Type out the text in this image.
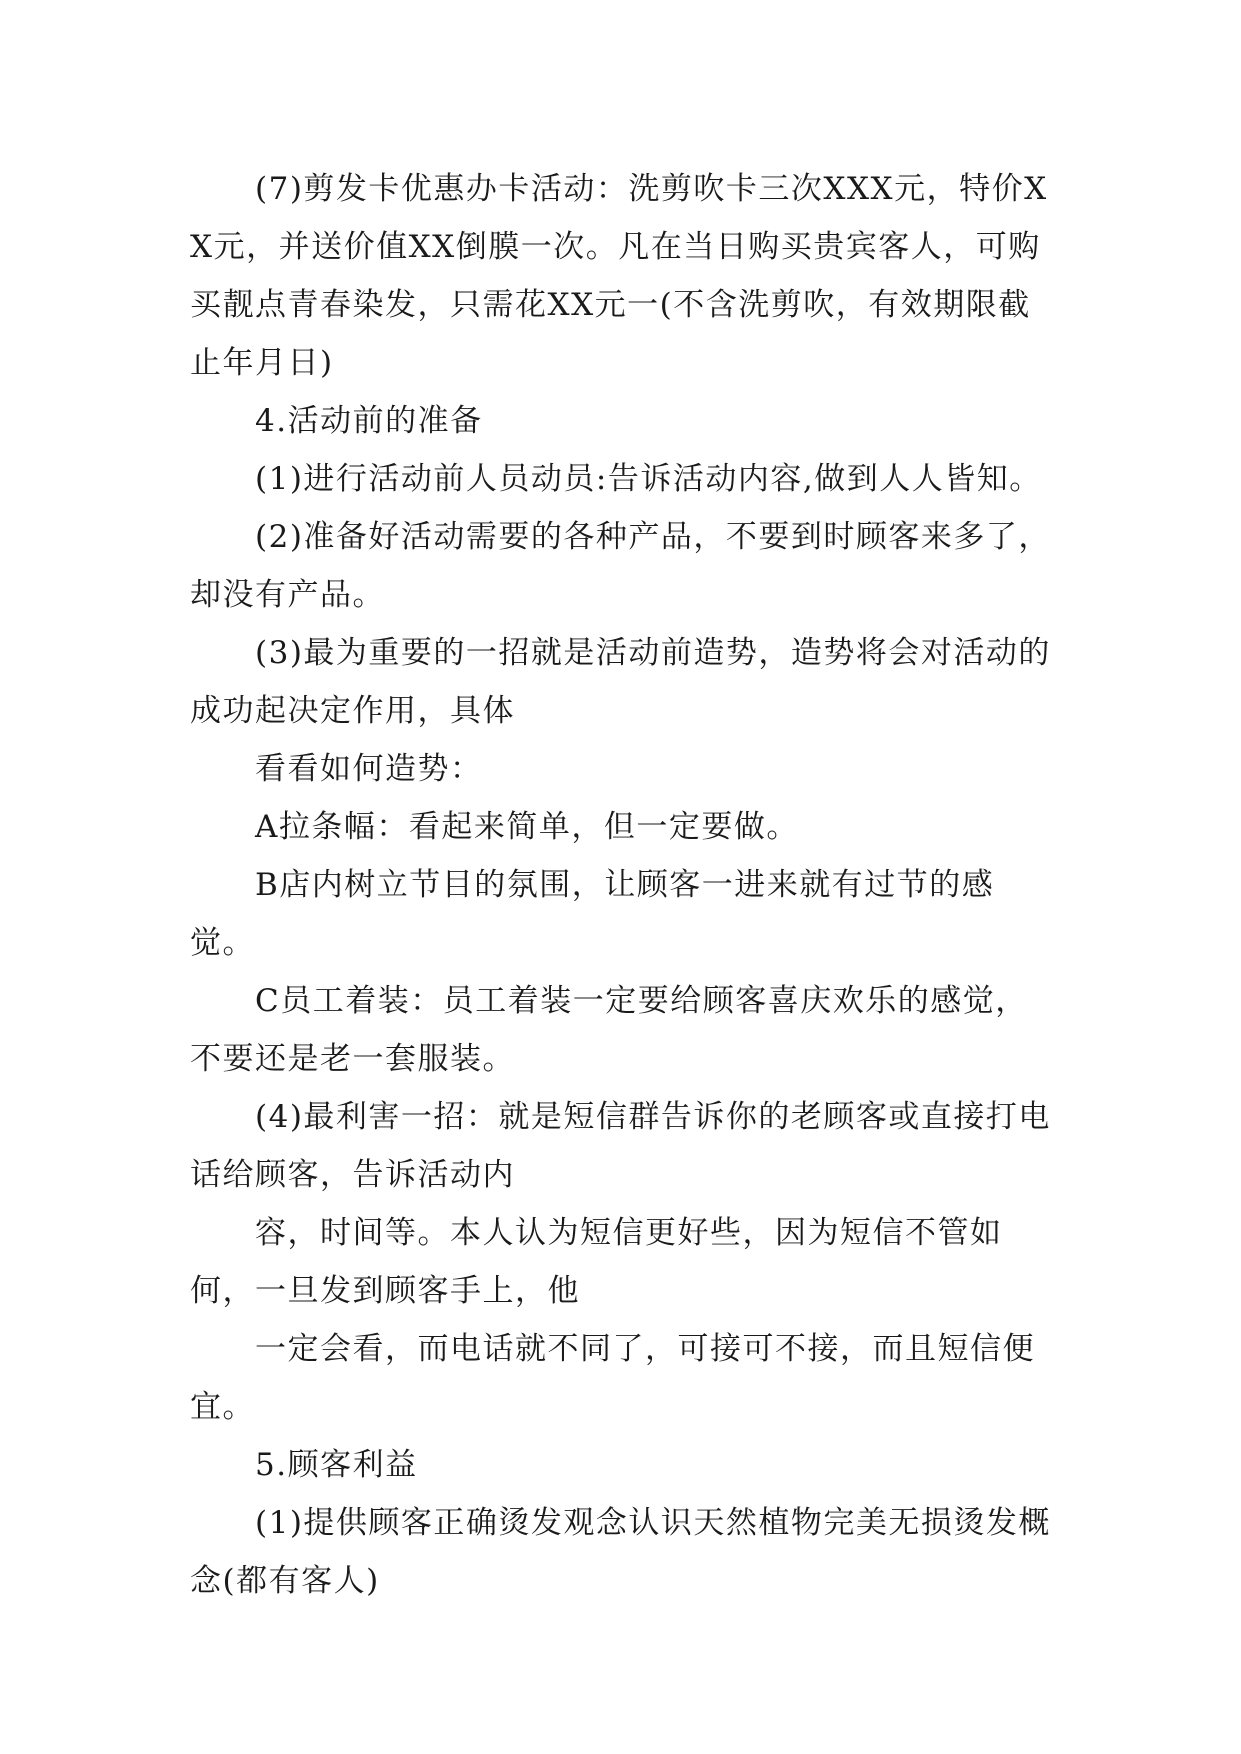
　　(7)剪发卡优惠办卡活动：洗剪吹卡三次XXX元，特价XX元，并送价值XX倒膜一次。凡在当日购买贵宾客人，可购买靓点青春染发，只需花XX元一(不含洗剪吹，有效期限截止年月日)

　　4.活动前的准备

　　(1)进行活动前人员动员:告诉活动内容,做到人人皆知。

　　(2)准备好活动需要的各种产品，不要到时顾客来多了，却没有产品。

　　(3)最为重要的一招就是活动前造势，造势将会对活动的成功起决定作用，具体

　　看看如何造势：

　　A拉条幅：看起来简单，但一定要做。

　　B店内树立节目的氛围，让顾客一进来就有过节的感觉。

　　C员工着装：员工着装一定要给顾客喜庆欢乐的感觉，不要还是老一套服装。

　　(4)最利害一招：就是短信群告诉你的老顾客或直接打电话给顾客，告诉活动内

　　容，时间等。本人认为短信更好些，因为短信不管如何，一旦发到顾客手上，他

　　一定会看，而电话就不同了，可接可不接，而且短信便宜。

　　5.顾客利益

　　(1)提供顾客正确烫发观念认识天然植物完美无损烫发概念(都有客人)
